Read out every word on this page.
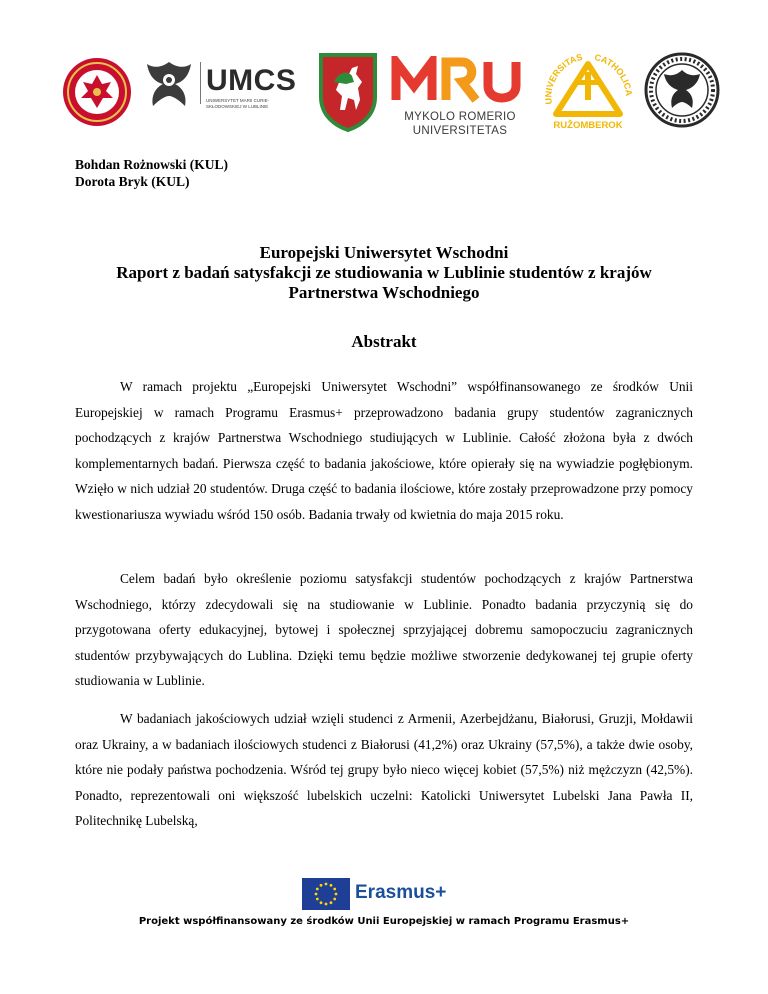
UMCS
UNIWERSYTET MARII CURIE-SKŁODOWSKIEJ W LUBLINIE
MYKOLO ROMERIO
UNIVERSITETAS
UNIVERSITAS CATHOLICA
RUŽOMBEROK
Bohdan Rożnowski (KUL)
Dorota Bryk (KUL)
Europejski Uniwersytet Wschodni
Raport z badań satysfakcji ze studiowania w Lublinie studentów z krajów
Partnerstwa Wschodniego
Abstrakt
W ramach projektu „Europejski Uniwersytet Wschodni” współfinansowanego ze środków Unii Europejskiej w ramach Programu Erasmus+ przeprowadzono badania grupy studentów zagranicznych pochodzących z krajów Partnerstwa Wschodniego studiujących w Lublinie. Całość złożona była z dwóch komplementarnych badań. Pierwsza część to badania jakościowe, które opierały się na wywiadzie pogłębionym. Wzięło w nich udział 20 studentów. Druga część to badania ilościowe, które zostały przeprowadzone przy pomocy kwestionariusza wywiadu wśród 150 osób. Badania trwały od kwietnia do maja 2015 roku.
Celem badań było określenie poziomu satysfakcji studentów pochodzących z krajów Partnerstwa Wschodniego, którzy zdecydowali się na studiowanie w Lublinie. Ponadto badania przyczynią się do przygotowana oferty edukacyjnej, bytowej i społecznej sprzyjającej dobremu samopoczuciu zagranicznych studentów przybywających do Lublina. Dzięki temu będzie możliwe stworzenie dedykowanej tej grupie oferty studiowania w Lublinie.
W badaniach jakościowych udział wzięli studenci z Armenii, Azerbejdżanu, Białorusi, Gruzji, Mołdawii oraz Ukrainy, a w badaniach ilościowych studenci z Białorusi (41,2%) oraz Ukrainy (57,5%), a także dwie osoby, które nie podały państwa pochodzenia. Wśród tej grupy było nieco więcej kobiet (57,5%) niż mężczyzn (42,5%). Ponadto, reprezentowali oni większość lubelskich uczelni: Katolicki Uniwersytet Lubelski Jana Pawła II, Politechnikę Lubelską,
Erasmus+
Projekt współfinansowany ze środków Unii Europejskiej w ramach Programu Erasmus+
